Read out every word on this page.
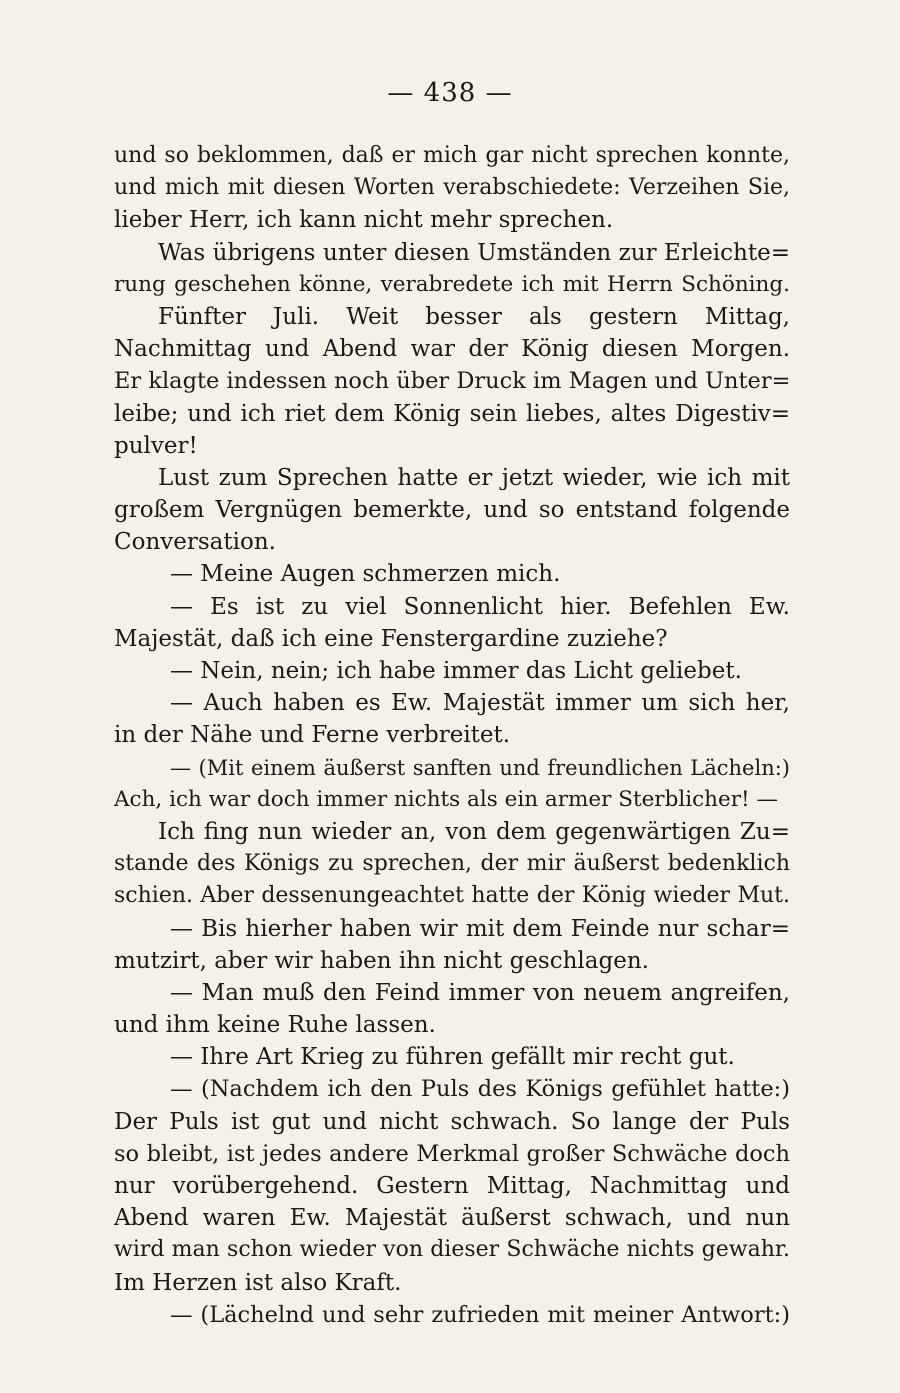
— 438 —
und so beklommen, daß er mich gar nicht sprechen konnte,
und mich mit diesen Worten verabschiedete: Verzeihen Sie,
lieber Herr, ich kann nicht mehr sprechen.
Was übrigens unter diesen Umständen zur Erleichte=
rung geschehen könne, verabredete ich mit Herrn Schöning.
Fünfter Juli. Weit besser als gestern Mittag,
Nachmittag und Abend war der König diesen Morgen.
Er klagte indessen noch über Druck im Magen und Unter=
leibe; und ich riet dem König sein liebes, altes Digestiv=
pulver!
Lust zum Sprechen hatte er jetzt wieder, wie ich mit
großem Vergnügen bemerkte, und so entstand folgende
Conversation.
— Meine Augen schmerzen mich.
— Es ist zu viel Sonnenlicht hier. Befehlen Ew.
Majestät, daß ich eine Fenstergardine zuziehe?
— Nein, nein; ich habe immer das Licht geliebet.
— Auch haben es Ew. Majestät immer um sich her,
in der Nähe und Ferne verbreitet.
— (Mit einem äußerst sanften und freundlichen Lächeln:)
Ach, ich war doch immer nichts als ein armer Sterblicher! —
Ich fing nun wieder an, von dem gegenwärtigen Zu=
stande des Königs zu sprechen, der mir äußerst bedenklich
schien. Aber dessenungeachtet hatte der König wieder Mut.
— Bis hierher haben wir mit dem Feinde nur schar=
mutzirt, aber wir haben ihn nicht geschlagen.
— Man muß den Feind immer von neuem angreifen,
und ihm keine Ruhe lassen.
— Ihre Art Krieg zu führen gefällt mir recht gut.
— (Nachdem ich den Puls des Königs gefühlet hatte:)
Der Puls ist gut und nicht schwach. So lange der Puls
so bleibt, ist jedes andere Merkmal großer Schwäche doch
nur vorübergehend. Gestern Mittag, Nachmittag und
Abend waren Ew. Majestät äußerst schwach, und nun
wird man schon wieder von dieser Schwäche nichts gewahr.
Im Herzen ist also Kraft.
— (Lächelnd und sehr zufrieden mit meiner Antwort:)
